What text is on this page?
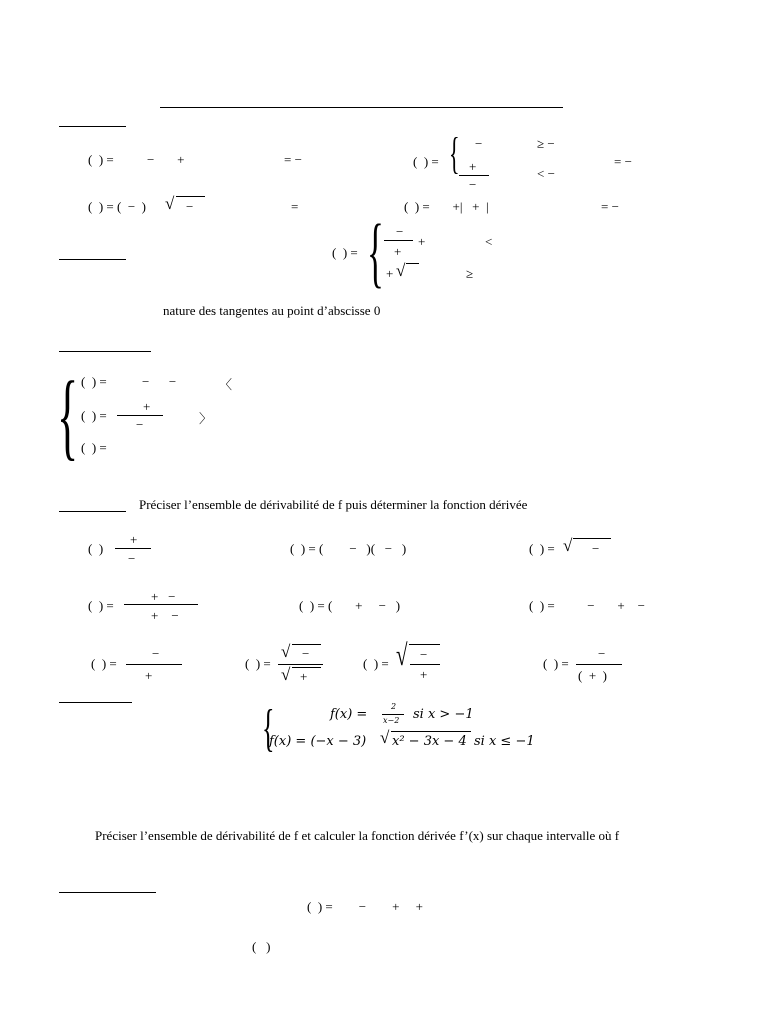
(  ) =	−       +	= −	{
(  ) =
−	≥ −
+
−
< −
= −
(  ) = (  −  ) √ −	=	(  ) =       +|   +  |	= −
{
(  ) =
−
+
+
<
+ √	≥
nature des tangentes au point d’abscisse 0
{ (  ) =	−      −	〈
(  ) =
+
−	〉
(  ) =
Préciser l’ensemble de dérivabilité de f puis déterminer la fonction dérivée
(  )
+
−
(  ) = (        −   )(   −   )	(  ) = √ −
(  ) =
+   −
+    −
(  ) = (       +     −   )	(  ) =          −       +    −
(  ) =
−
+
(  ) =
√ −
√ +
(  ) = √ −
+
(  ) =
−
(  +  )
{	f(x) =
2
x−2 si x > −1
f(x) = (−x − 3) √ x² − 3x − 4 si x ≤ −1
Préciser l’ensemble de dérivabilité de f et calculer la fonction dérivée f’(x) sur chaque intervalle où f
(  ) =        −        +     +
(   )
